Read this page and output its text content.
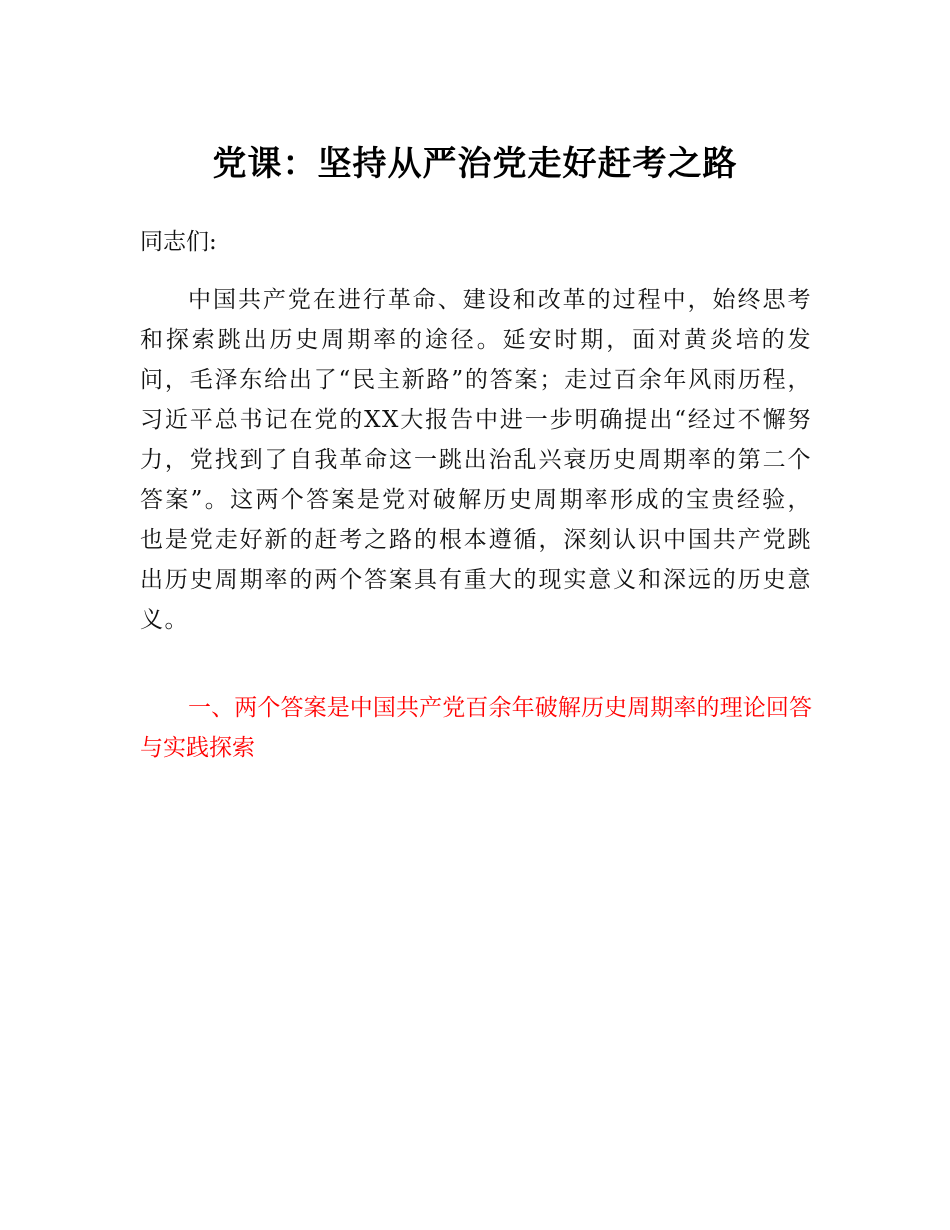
党课：坚持从严治党走好赶考之路
同志们:

中国共产党在进行革命、建设和改革的过程中，始终思考和探索跳出历史周期率的途径。延安时期，面对黄炎培的发问，毛泽东给出了“民主新路”的答案；走过百余年风雨历程，习近平总书记在党的XX大报告中进一步明确提出“经过不懈努力，党找到了自我革命这一跳出治乱兴衰历史周期率的第二个答案”。这两个答案是党对破解历史周期率形成的宝贵经验，也是党走好新的赶考之路的根本遵循，深刻认识中国共产党跳出历史周期率的两个答案具有重大的现实意义和深远的历史意义。

一、两个答案是中国共产党百余年破解历史周期率的理论回答与实践探索
